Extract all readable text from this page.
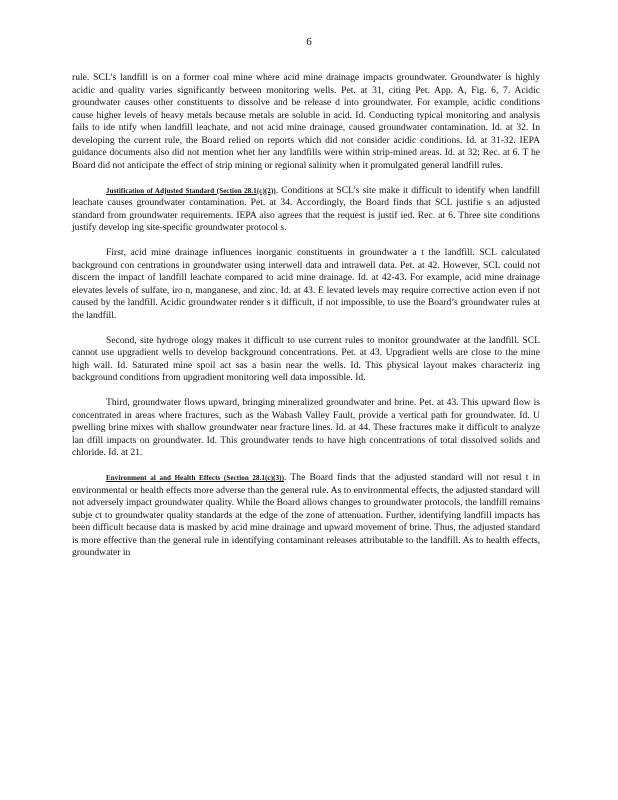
6

rule. SCL’s landfill is on a former coal mine where acid mine drainage impacts groundwater. Groundwater is highly acidic and quality varies significantly between monitoring wells. Pet. at 31, citing Pet. App. A, Fig. 6, 7. Acidic groundwater causes other constituents to dissolve and be release d into groundwater. For example, acidic conditions cause higher levels of heavy metals because metals are soluble in acid. Id. Conducting typical monitoring and analysis fails to ide ntify when landfill leachate, and not acid mine drainage, caused groundwater contamination. Id. at 32. In developing the current rule, the Board relied on reports which did not consider acidic conditions. Id. at 31-32. IEPA guidance documents also did not mention whet her any landfills were within strip-mined areas. Id. at 32; Rec. at 6. T he Board did not anticipate the effect of strip mining or regional salinity when it promulgated general landfill rules.

Justification of Adjusted Standard (Section 28.1(c)(2)). Conditions at SCL’s site make it difficult to identify when landfill leachate causes groundwater contamination. Pet. at 34. Accordingly, the Board finds that SCL justifie s an adjusted standard from groundwater requirements. IEPA also agrees that the request is justif ied. Rec. at 6. Three site conditions justify develop ing site-specific groundwater protocol s.

First, acid mine drainage influences inorganic constituents in groundwater a t the landfill. SCL calculated background con centrations in groundwater using interwell data and intrawell data. Pet. at 42. However, SCL could not discern the impact of landfill leachate compared to acid mine drainage. Id. at 42-43. For example, acid mine drainage elevates levels of sulfate, iro n, manganese, and zinc. Id. at 43. E levated levels may require corrective action even if not caused by the landfill. Acidic groundwater render s it difficult, if not impossible, to use the Board’s groundwater rules at the landfill.

Second, site hydroge ology makes it difficult to use current rules to monitor groundwater at the landfill. SCL cannot use upgradient wells to develop background concentrations. Pet. at 43. Upgradient wells are close to the mine high wall. Id. Saturated mine spoil act sas a basin near the wells. Id. This physical layout makes characteriz ing background conditions from upgradient monitoring well data impossible. Id.

Third, groundwater flows upward, bringing mineralized groundwater and brine. Pet. at 43. This upward flow is concentrated in areas where fractures, such as the Wabash Valley Fault, provide a vertical path for groundwater. Id. U pwelling brine mixes with shallow groundwater near fracture lines. Id. at 44. These fractures make it difficult to analyze lan dfill impacts on groundwater. Id. This groundwater tends to have high concentrations of total dissolved solids and chloride. Id. at 21.

Environment al and Health Effects (Section 28.1(c)(3)). The Board finds that the adjusted standard will not resul t in environmental or health effects more adverse than the general rule. As to environmental effects, the adjusted standard will not adversely impact groundwater quality. While the Board allows changes to groundwater protocols, the landfill remains subje ct to groundwater quality standards at the edge of the zone of attenuation. Further, identifying landfill impacts has been difficult because data is masked by acid mine drainage and upward movement of brine. Thus, the adjusted standard is more effective than the general rule in identifying contaminant releases attributable to the landfill. As to health effects, groundwater in
